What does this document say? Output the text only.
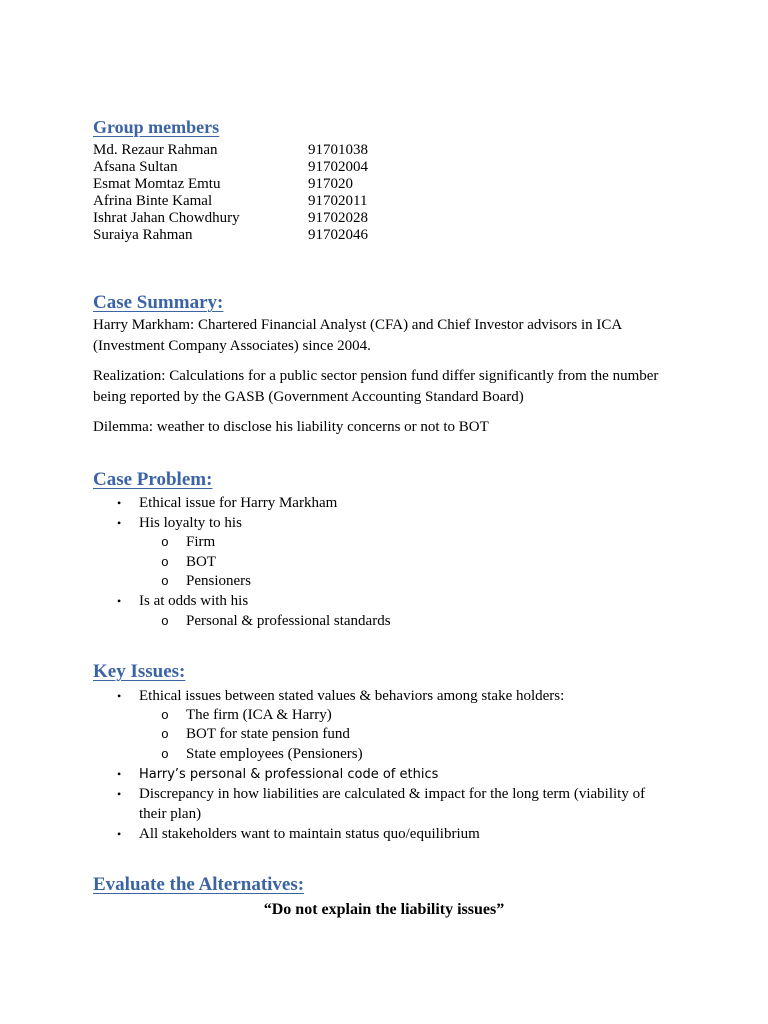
Group members
Md. Rezaur Rahman	91701038
Afsana Sultan	91702004
Esmat Momtaz Emtu	917020
Afrina Binte Kamal	91702011
Ishrat Jahan Chowdhury	91702028
Suraiya Rahman	91702046
Case Summary:

Harry Markham: Chartered Financial Analyst (CFA) and Chief Investor advisors in ICA (Investment Company Associates) since 2004.

Realization: Calculations for a public sector pension fund differ significantly from the number being reported by the GASB (Government Accounting Standard Board)

Dilemma: weather to disclose his liability concerns or not to BOT

Case Problem:
• Ethical issue for Harry Markham
• His loyalty to his
o Firm
o BOT
o Pensioners
• Is at odds with his
o Personal & professional standards
Key Issues:
• Ethical issues between stated values & behaviors among stake holders:
o The firm (ICA & Harry)
o BOT for state pension fund
o State employees (Pensioners)
• Harry’s personal & professional code of ethics
• Discrepancy in how liabilities are calculated & impact for the long term (viability of
their plan)
• All stakeholders want to maintain status quo/equilibrium
Evaluate the Alternatives:
“Do not explain the liability issues”
